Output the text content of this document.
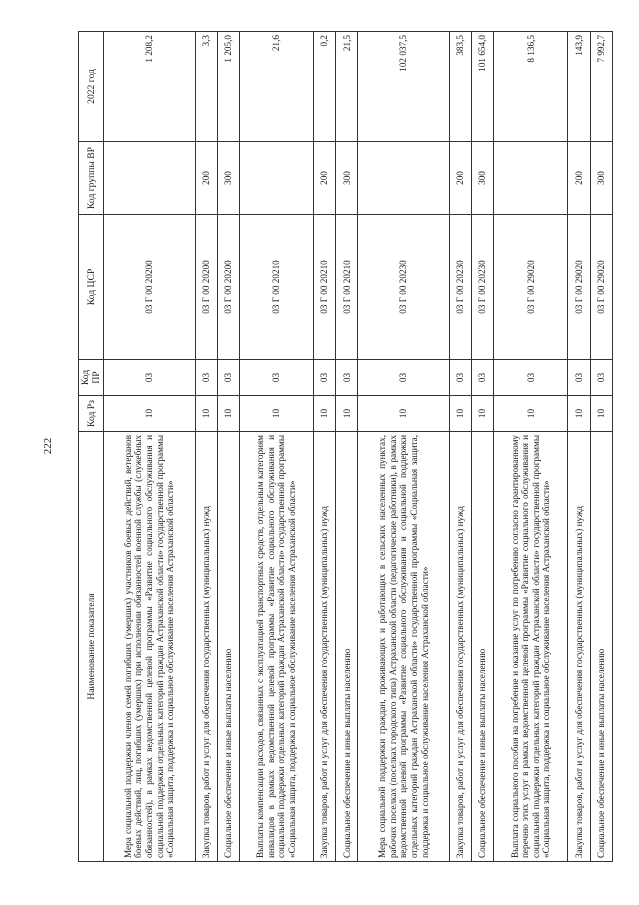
222
Наименование показателя	Код Рз	Код ПР	Код ЦСР	Код группы ВР	2022 год
Мера социальной поддержки членов семей погибших (умерших) участников боевых действий, ветеранов боевых действий, лиц, погибших (умерших) при исполнении обязанностей военной службы (служебных обязанностей), в рамках ведомственной целевой программы «Развитие социального обслуживания и социальной поддержки отдельных категорий граждан Астраханской области» государственной программы «Социальная защита, поддержка и социальное обслуживание населения Астраханской области»	10	03	03 Г 00 20200		1 208,2
Закупка товаров, работ и услуг для обеспечения государственных (муниципальных) нужд	10	03	03 Г 00 20200	200	3,3
Социальное обеспечение и иные выплаты населению	10	03	03 Г 00 20200	300	1 205,0
Выплаты компенсации расходов, связанных с эксплуатацией транспортных средств, отдельным категориям инвалидов в рамках ведомственной целевой программы «Развитие социального обслуживания и социальной поддержки отдельных категорий граждан Астраханской области» государственной программы «Социальная защита, поддержка и социальное обслуживание населения Астраханской области»	10	03	03 Г 00 20210		21,6
Закупка товаров, работ и услуг для обеспечения государственных (муниципальных) нужд	10	03	03 Г 00 20210	200	0,2
Социальное обеспечение и иные выплаты населению	10	03	03 Г 00 20210	300	21,5
Мера социальной поддержки граждан, проживающих и работающих в сельских населенных пунктах, рабочих поселках (поселках городского типа) Астраханской области (педагогические работники), в рамках ведомственной целевой программы «Развитие социального обслуживания и социальной поддержки отдельных категорий граждан Астраханской области» государственной программы «Социальная защита, поддержка и социальное обслуживание населения Астраханской области»	10	03	03 Г 00 20230		102 037,5
Закупка товаров, работ и услуг для обеспечения государственных (муниципальных) нужд	10	03	03 Г 00 20230	200	383,5
Социальное обеспечение и иные выплаты населению	10	03	03 Г 00 20230	300	101 654,0
Выплата социального пособия на погребение и оказание услуг по погребению согласно гарантированному перечню этих услуг в рамках ведомственной целевой программы «Развитие социального обслуживания и социальной поддержки отдельных категорий граждан Астраханской области» государственной программы «Социальная защита, поддержка и социальное обслуживание населения Астраханской области»	10	03	03 Г 00 29020		8 136,5
Закупка товаров, работ и услуг для обеспечения государственных (муниципальных) нужд	10	03	03 Г 00 29020	200	143,9
Социальное обеспечение и иные выплаты населению	10	03	03 Г 00 29020	300	7 992,7
